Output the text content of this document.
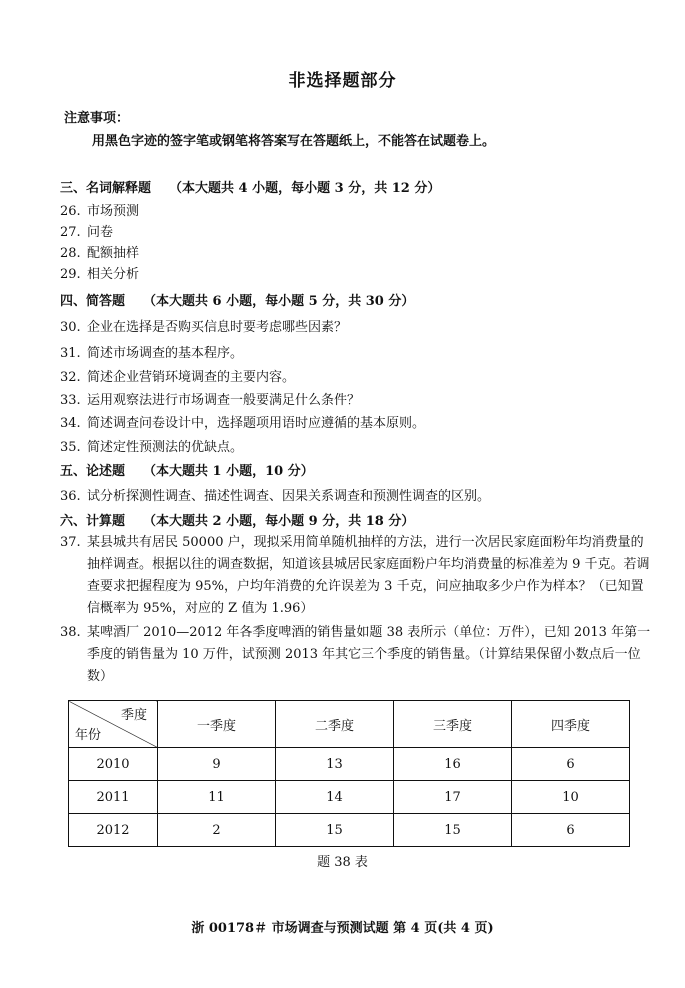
非选择题部分
注意事项：
用黑色字迹的签字笔或钢笔将答案写在答题纸上，不能答在试题卷上。
三、名词解释题 （本大题共 4 小题，每小题 3 分，共 12 分）
26. 市场预测
27. 问卷
28. 配额抽样
29. 相关分析
四、简答题 （本大题共 6 小题，每小题 5 分，共 30 分）
30. 企业在选择是否购买信息时要考虑哪些因素？
31. 简述市场调查的基本程序。
32. 简述企业营销环境调查的主要内容。
33. 运用观察法进行市场调查一般要满足什么条件？
34. 简述调查问卷设计中，选择题项用语时应遵循的基本原则。
35. 简述定性预测法的优缺点。
五、论述题 （本大题共 1 小题，10 分）
36. 试分析探测性调查、描述性调查、因果关系调查和预测性调查的区别。
六、计算题 （本大题共 2 小题，每小题 9 分，共 18 分）
37. 某县城共有居民 50000 户，现拟采用简单随机抽样的方法，进行一次居民家庭面粉年均消费量的抽样调查。根据以往的调查数据，知道该县城居民家庭面粉户年均消费量的标准差为 9 千克。若调查要求把握程度为 95%，户均年消费的允许误差为 3 千克，问应抽取多少户作为样本？（已知置信概率为 95%，对应的 Z 值为 1.96）
38. 某啤酒厂 2010—2012 年各季度啤酒的销售量如题 38 表所示（单位：万件），已知 2013 年第一季度的销售量为 10 万件，试预测 2013 年其它三个季度的销售量。（计算结果保留小数点后一位数）
季度
年份	一季度	二季度	三季度	四季度
2010	9	13	16	6
2011	11	14	17	10
2012	2	15	15	6
题 38 表
浙 00178＃ 市场调查与预测试题 第 4 页(共 4 页)
